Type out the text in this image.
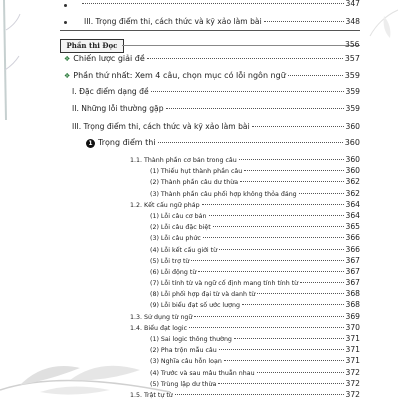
347
III. Trọng điểm thi, cách thức và kỹ xảo làm bài	348
Phần thi Đọc	356
❖ Chiến lược giải đề	357
❖ Phần thứ nhất: Xem 4 câu, chọn mục có lỗi ngôn ngữ	359
I. Đặc điểm dạng đề	359
II. Những lỗi thường gặp	359
III. Trọng điểm thi, cách thức và kỹ xảo làm bài	360
1 Trọng điểm thi	360
1.1. Thành phần cơ bản trong câu	360
(1) Thiếu hụt thành phần câu	360
(2) Thành phần câu dư thừa	362
(3) Thành phần câu phối hợp không thỏa đáng	362
1.2. Kết cấu ngữ pháp	364
(1) Lỗi câu cơ bản	364
(2) Lỗi câu đặc biệt	365
(3) Lỗi câu phức	366
(4) Lỗi kết cấu giới từ	366
(5) Lỗi trợ từ	367
(6) Lỗi động từ	367
(7) Lỗi tính từ và ngữ cố định mang tính tính từ	367
(8) Lỗi phối hợp đại từ và danh từ	368
(9) Lỗi biểu đạt số ước lượng	368
1.3. Sử dụng từ ngữ	369
1.4. Biểu đạt logic	370
(1) Sai logic thông thường	371
(2) Pha trộn mẫu câu	371
(3) Nghĩa câu hỗn loạn	371
(4) Trước và sau mâu thuẫn nhau	372
(5) Trùng lặp dư thừa	372
1.5. Trật tự từ	372
